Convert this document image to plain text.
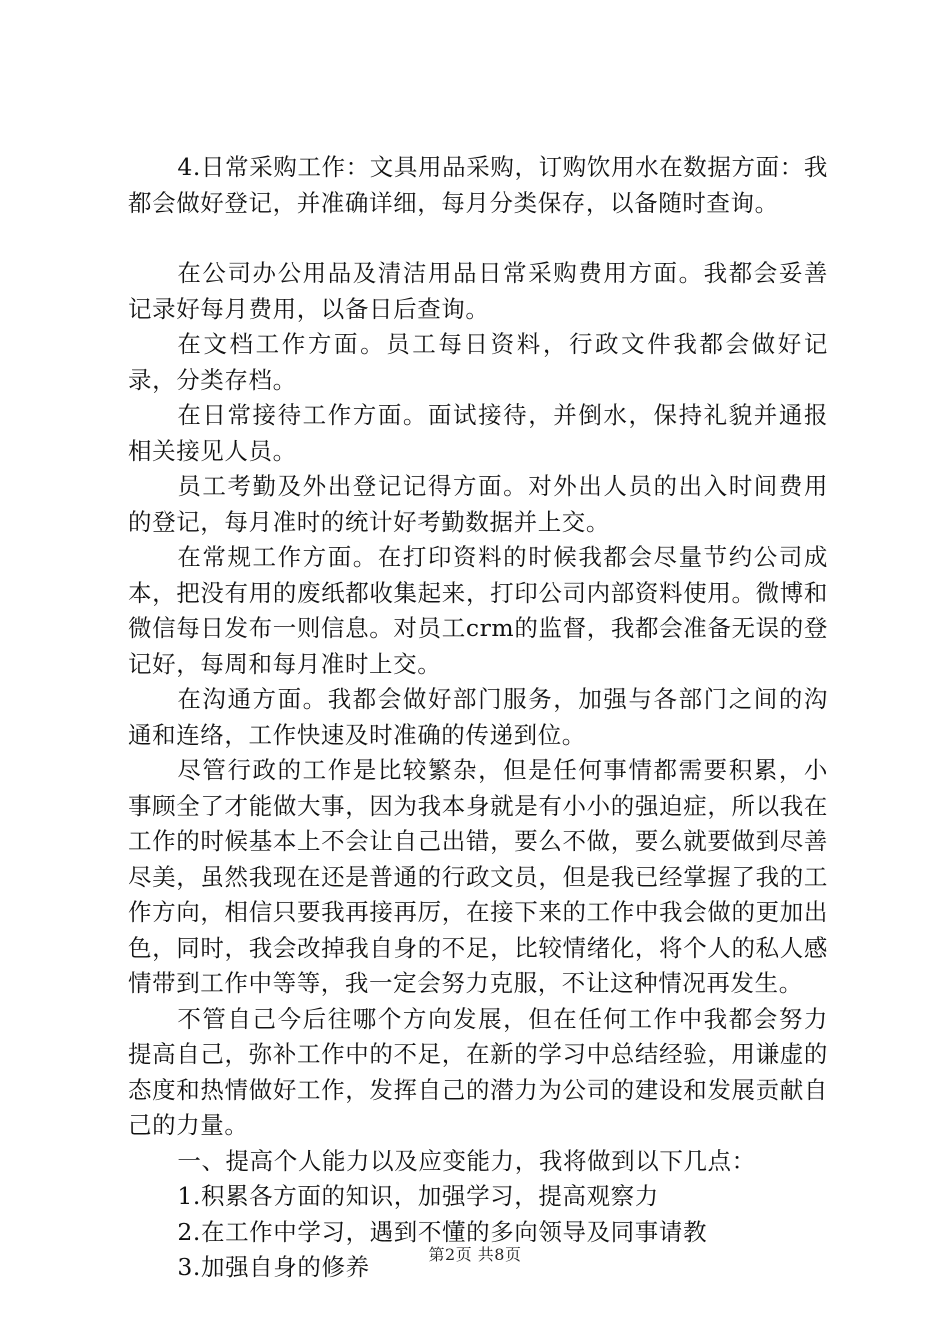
4.日常采购工作：文具用品采购，订购饮用水在数据方面：我都会做好登记，并准确详细，每月分类保存，以备随时查询。

在公司办公用品及清洁用品日常采购费用方面。我都会妥善记录好每月费用，以备日后查询。

在文档工作方面。员工每日资料，行政文件我都会做好记录，分类存档。

在日常接待工作方面。面试接待，并倒水，保持礼貌并通报相关接见人员。

员工考勤及外出登记记得方面。对外出人员的出入时间费用的登记，每月准时的统计好考勤数据并上交。

在常规工作方面。在打印资料的时候我都会尽量节约公司成本，把没有用的废纸都收集起来，打印公司内部资料使用。微博和微信每日发布一则信息。对员工crm的监督，我都会准备无误的登记好，每周和每月准时上交。

在沟通方面。我都会做好部门服务，加强与各部门之间的沟通和连络，工作快速及时准确的传递到位。

尽管行政的工作是比较繁杂，但是任何事情都需要积累，小事顾全了才能做大事，因为我本身就是有小小的强迫症，所以我在工作的时候基本上不会让自己出错，要么不做，要么就要做到尽善尽美，虽然我现在还是普通的行政文员，但是我已经掌握了我的工作方向，相信只要我再接再厉，在接下来的工作中我会做的更加出色，同时，我会改掉我自身的不足，比较情绪化，将个人的私人感情带到工作中等等，我一定会努力克服，不让这种情况再发生。

不管自己今后往哪个方向发展，但在任何工作中我都会努力提高自己，弥补工作中的不足，在新的学习中总结经验，用谦虚的态度和热情做好工作，发挥自己的潜力为公司的建设和发展贡献自己的力量。

一、提高个人能力以及应变能力，我将做到以下几点：

1.积累各方面的知识，加强学习，提高观察力

2.在工作中学习，遇到不懂的多向领导及同事请教

3.加强自身的修养	第2页 共8页
